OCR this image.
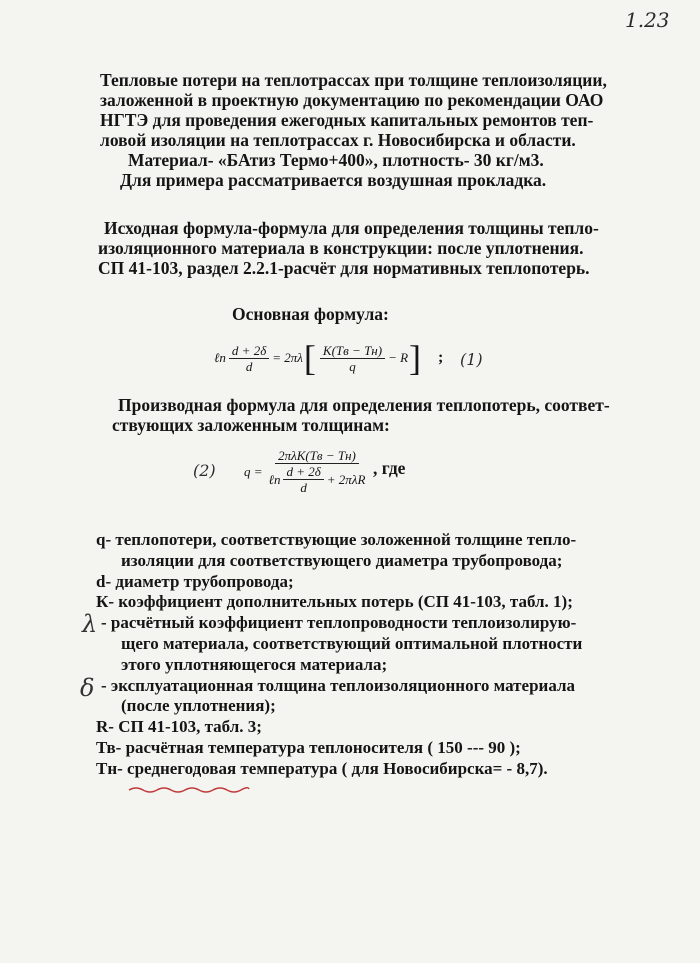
1.23
Тепловые потери на теплотрассах при толщине теплоизоляции,
заложенной в проектную документацию по рекомендации ОАО
НГТЭ для проведения ежегодных капитальных ремонтов теп-
ловой изоляции на теплотрассах г. Новосибирска и области.
Материал- «БАтиз Термо+400», плотность- 30 кг/м3.
Для примера рассматривается воздушная прокладка.
Исходная формула-формула для определения толщины тепло-
изоляционного материала в конструкции: после уплотнения.
СП 41-103, раздел 2.2.1-расчёт для нормативных теплопотерь.
Основная формула:
ℓn $\frac{d + 2\delta}{d} = 2\pi\lambda$ [ $\frac{K(Tв - Tн)}{q} - R$ ] ; (1)
Производная формула для определения теплопотерь, соответ-
ствующих заложенным толщинам:
(2) q =
2πλK(Tв − Tн)
ℓn $\frac{d + 2\delta}{d} + 2\pi\lambda R$
, где
q- теплопотери, соответствующие золоженной толщине тепло-
изоляции для соответствующего диаметра трубопровода;
d- диаметр трубопровода;
К- коэффициент дополнительных потерь (СП 41-103, табл. 1);
- расчётный коэффициент теплопроводности теплоизолирую-
щего материала, соответствующий оптимальной плотности
этого уплотняющегося материала;
- эксплуатационная толщина теплоизоляционного материала
(после уплотнения);
R- СП 41-103, табл. 3;
Тв- расчётная температура теплоносителя ( 150 --- 90 );
Тн- среднегодовая температура ( для Новосибирска= - 8,7).
λ
δ
